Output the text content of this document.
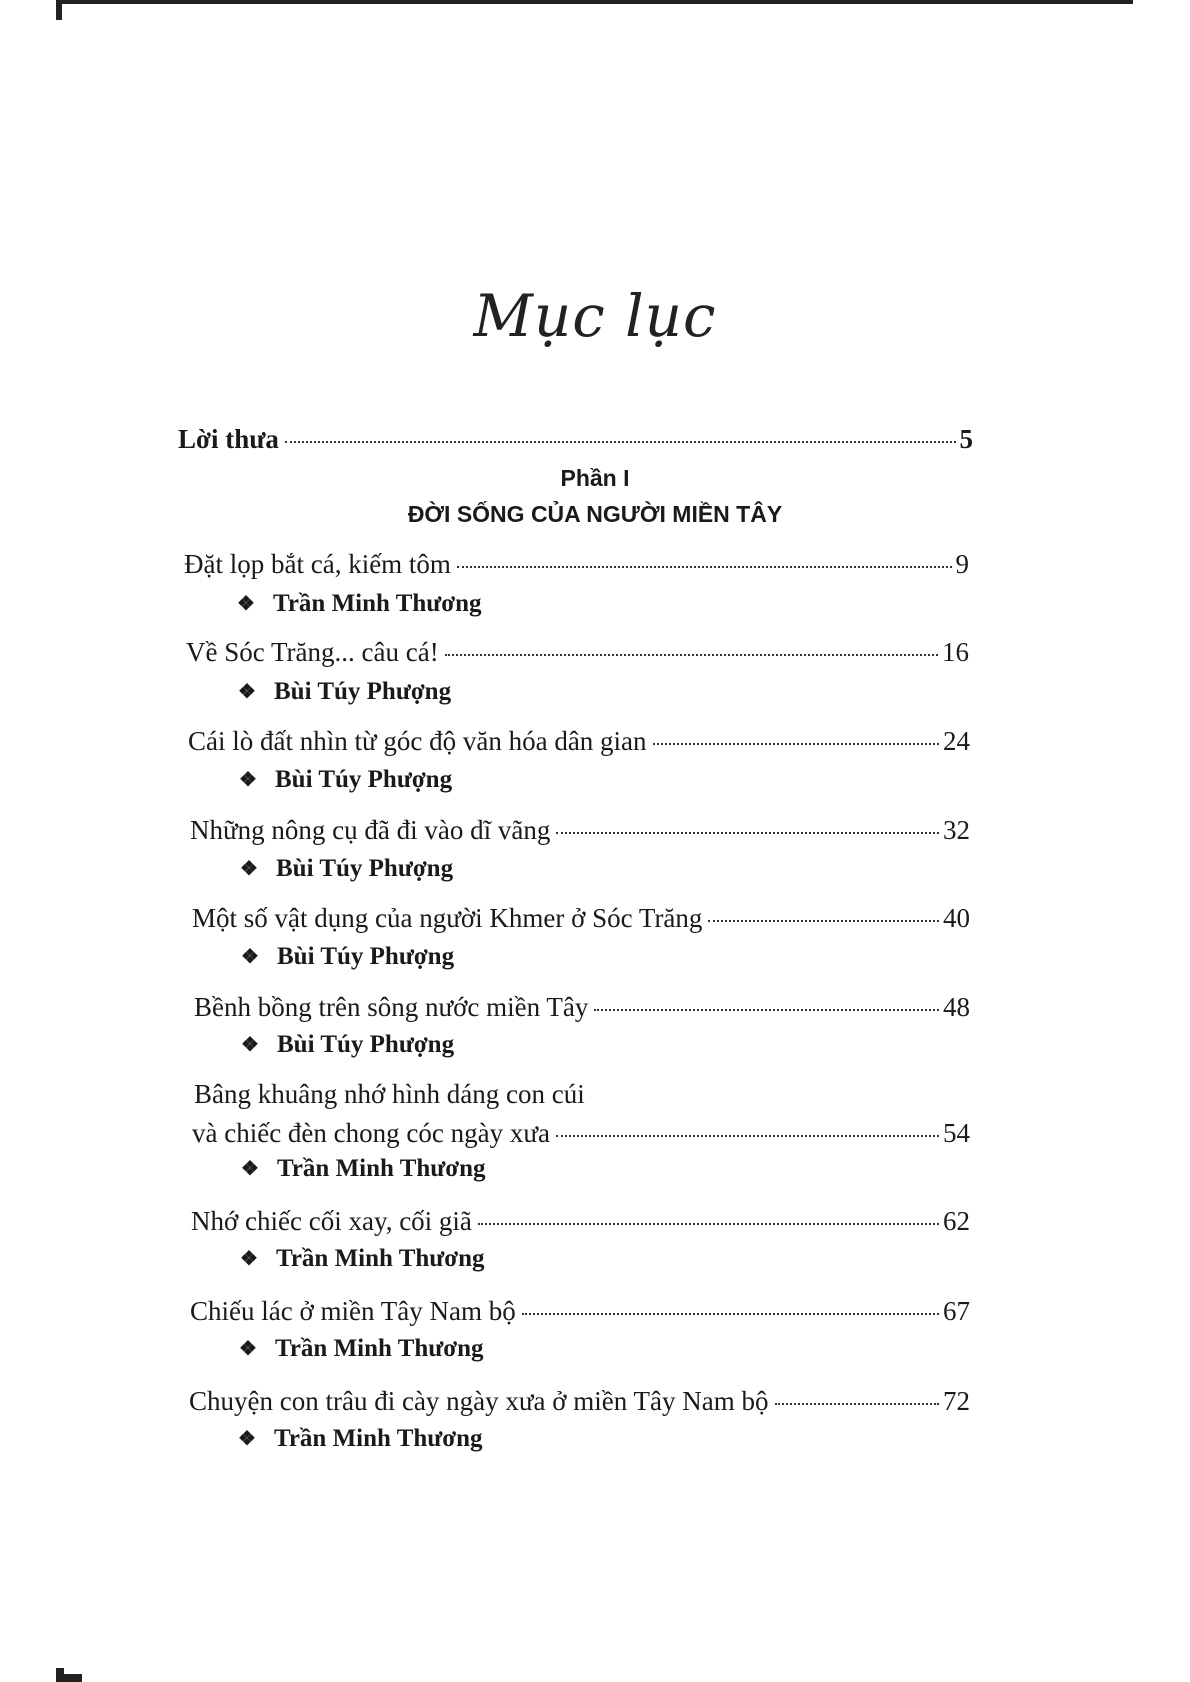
Mục lục
Lời thưa	5
Phần I
ĐỜI SỐNG CỦA NGƯỜI MIỀN TÂY
Đặt lọp bắt cá, kiếm tôm	9
❖ Trần Minh Thương
Về Sóc Trăng... câu cá!	16
❖ Bùi Túy Phượng
Cái lò đất nhìn từ góc độ văn hóa dân gian	24
❖ Bùi Túy Phượng
Những nông cụ đã đi vào dĩ vãng	32
❖ Bùi Túy Phượng
Một số vật dụng của người Khmer ở Sóc Trăng	40
❖ Bùi Túy Phượng
Bềnh bồng trên sông nước miền Tây	48
❖ Bùi Túy Phượng
Bâng khuâng nhớ hình dáng con cúi
và chiếc đèn chong cóc ngày xưa	54
❖ Trần Minh Thương
Nhớ chiếc cối xay, cối giã	62
❖ Trần Minh Thương
Chiếu lác ở miền Tây Nam bộ	67
❖ Trần Minh Thương
Chuyện con trâu đi cày ngày xưa ở miền Tây Nam bộ	72
❖ Trần Minh Thương
